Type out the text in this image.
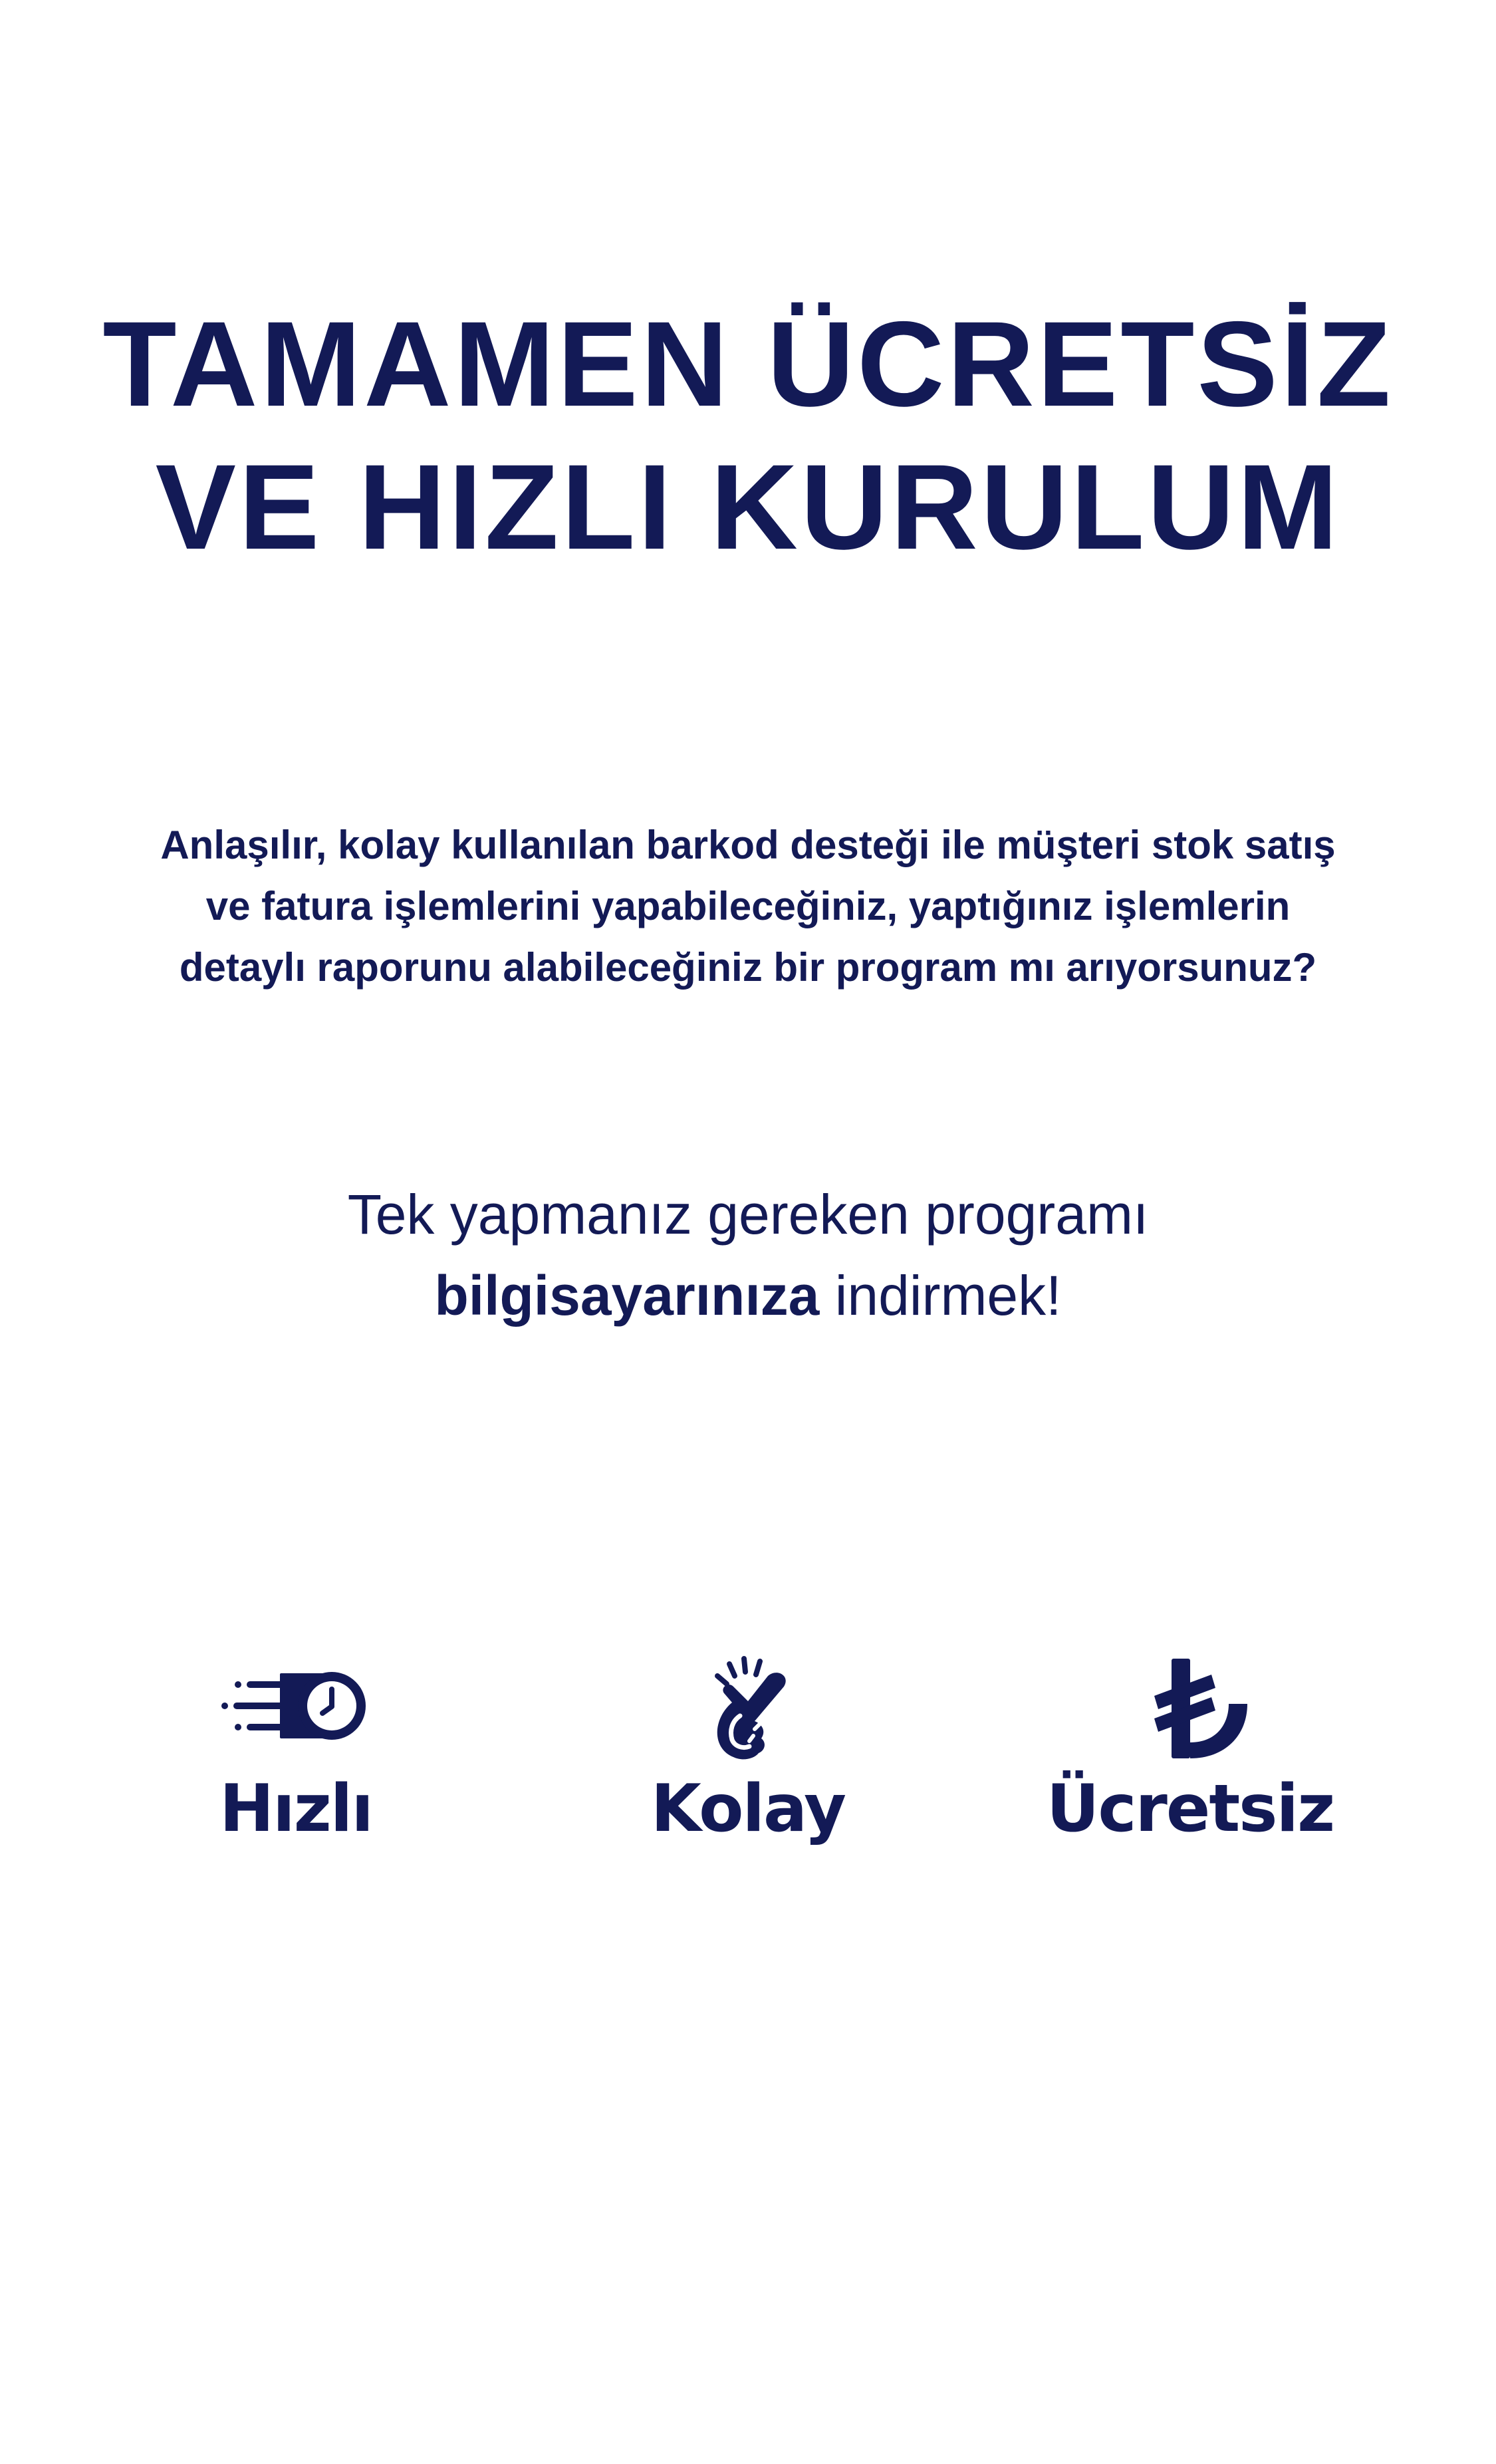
TAMAMEN ÜCRETSİZ
VE HIZLI KURULUM

Anlaşılır, kolay kullanılan barkod desteği ile müşteri stok satış
ve fatura işlemlerini yapabileceğiniz, yaptığınız işlemlerin
detaylı raporunu alabileceğiniz bir program mı arıyorsunuz?

Tek yapmanız gereken programı
bilgisayarınıza indirmek!

Hızlı	Kolay	Ücretsiz
